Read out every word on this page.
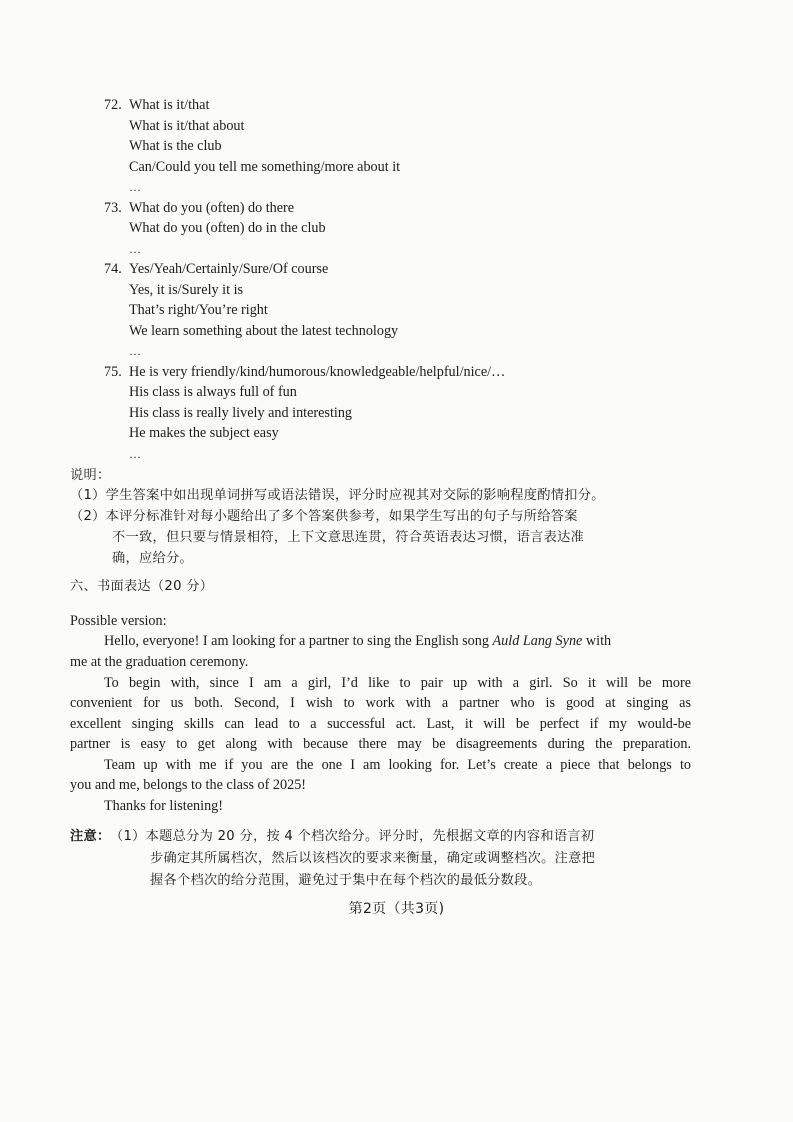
72. What is it/that
What is it/that about
What is the club
Can/Could you tell me something/more about it
…
73. What do you (often) do there
What do you (often) do in the club
…
74. Yes/Yeah/Certainly/Sure/Of course
Yes, it is/Surely it is
That’s right/You’re right
We learn something about the latest technology
…
75. He is very friendly/kind/humorous/knowledgeable/helpful/nice/…
His class is always full of fun
His class is really lively and interesting
He makes the subject easy
…
说明：
（1）学生答案中如出现单词拼写或语法错误，评分时应视其对交际的影响程度酌情扣分。
（2）本评分标准针对每小题给出了多个答案供参考，如果学生写出的句子与所给答案
不一致，但只要与情景相符，上下文意思连贯，符合英语表达习惯，语言表达准
确，应给分。
六、书面表达（20 分）
Possible version:
Hello, everyone! I am looking for a partner to sing the English song Auld Lang Syne with
me at the graduation ceremony.
To begin with, since I am a girl, I’d like to pair up with a girl. So it will be more
convenient for us both. Second, I wish to work with a partner who is good at singing as
excellent singing skills can lead to a successful act. Last, it will be perfect if my would-be
partner is easy to get along with because there may be disagreements during the preparation.
Team up with me if you are the one I am looking for. Let’s create a piece that belongs to
you and me, belongs to the class of 2025!
Thanks for listening!
注意： （1）本题总分为 20 分，按 4 个档次给分。评分时，先根据文章的内容和语言初
步确定其所属档次，然后以该档次的要求来衡量，确定或调整档次。注意把
握各个档次的给分范围，避免过于集中在每个档次的最低分数段。
第2页（共3页)
